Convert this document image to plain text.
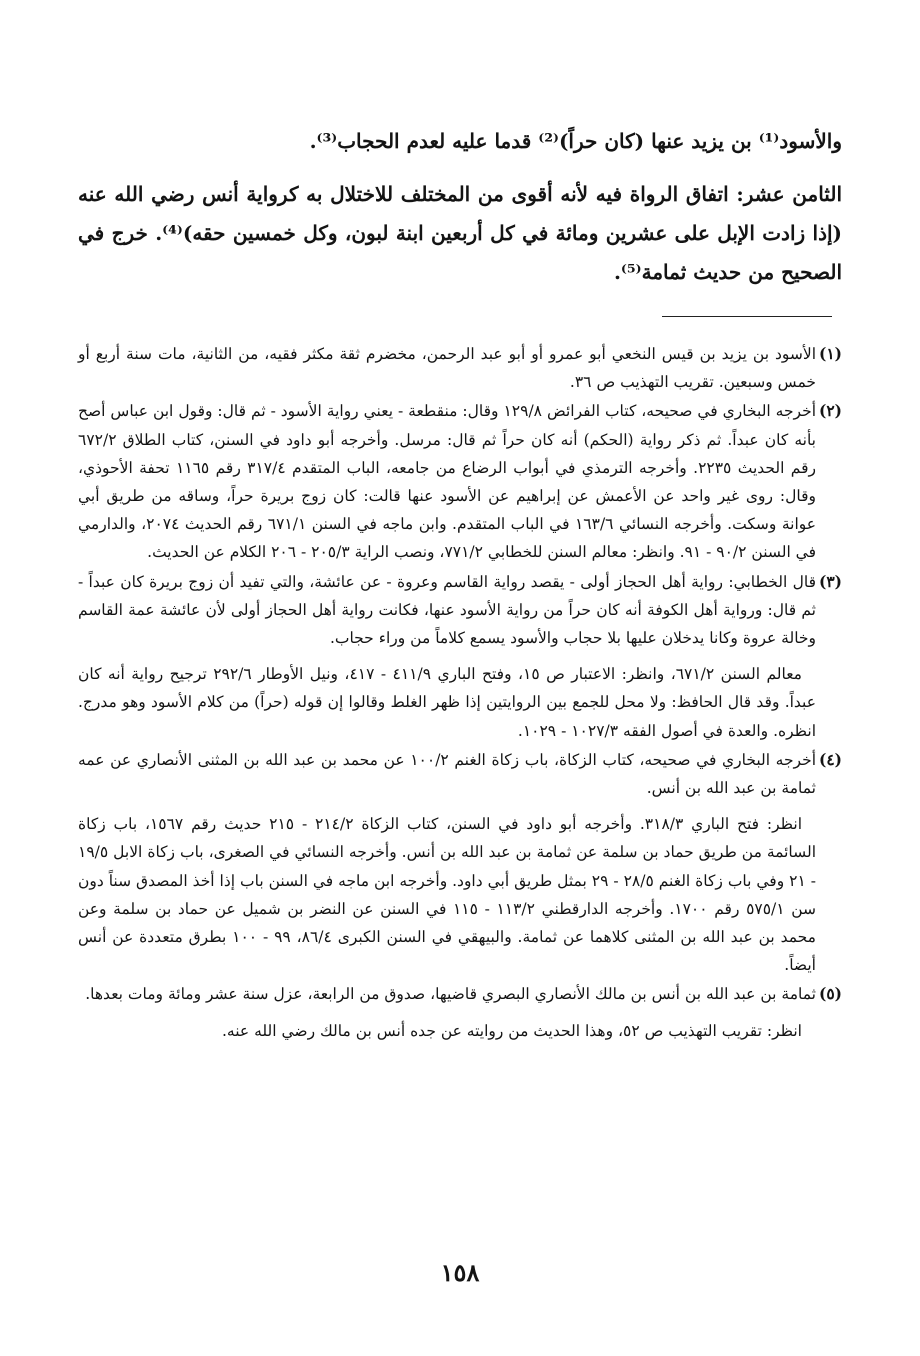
والأسود⁽¹⁾ بن يزيد عنها (كان حراً)⁽²⁾ قدما عليه لعدم الحجاب⁽³⁾.

الثامن عشر: اتفاق الرواة فيه لأنه أقوى من المختلف للاختلال به كرواية أنس رضي الله عنه (إذا زادت الإبل على عشرين ومائة في كل أربعين ابنة لبون، وكل خمسين حقه)⁽⁴⁾. خرج في الصحيح من حديث ثمامة⁽⁵⁾.

(١)

الأسود بن يزيد بن قيس النخعي أبو عمرو أو أبو عبد الرحمن، مخضرم ثقة مكثر فقيه، من الثانية، مات سنة أربع أو خمس وسبعين. تقريب التهذيب ص ٣٦.

(٢)

أخرجه البخاري في صحيحه، كتاب الفرائض ١٢٩/٨ وقال: منقطعة - يعني رواية الأسود - ثم قال: وقول ابن عباس أصح بأنه كان عبداً. ثم ذكر رواية (الحكم) أنه كان حراً ثم قال: مرسل. وأخرجه أبو داود في السنن، كتاب الطلاق ٦٧٢/٢ رقم الحديث ٢٢٣٥. وأخرجه الترمذي في أبواب الرضاع من جامعه، الباب المتقدم ٣١٧/٤ رقم ١١٦٥ تحفة الأحوذي، وقال: روى غير واحد عن الأعمش عن إبراهيم عن الأسود عنها قالت: كان زوج بريرة حراً، وساقه من طريق أبي عوانة وسكت. وأخرجه النسائي ١٦٣/٦ في الباب المتقدم. وابن ماجه في السنن ٦٧١/١ رقم الحديث ٢٠٧٤، والدارمي في السنن ٩٠/٢ - ٩١. وانظر: معالم السنن للخطابي ٧٧١/٢، ونصب الراية ٢٠٥/٣ - ٢٠٦ الكلام عن الحديث.

(٣)

قال الخطابي: رواية أهل الحجاز أولى - يقصد رواية القاسم وعروة - عن عائشة، والتي تفيد أن زوج بريرة كان عبداً - ثم قال: ورواية أهل الكوفة أنه كان حراً من رواية الأسود عنها، فكانت رواية أهل الحجاز أولى لأن عائشة عمة القاسم وخالة عروة وكانا يدخلان عليها بلا حجاب والأسود يسمع كلاماً من وراء حجاب.

معالم السنن ٦٧١/٢، وانظر: الاعتبار ص ١٥، وفتح الباري ٤١١/٩ - ٤١٧، ونيل الأوطار ٢٩٢/٦ ترجيح رواية أنه كان عبداً. وقد قال الحافظ: ولا محل للجمع بين الروايتين إذا ظهر الغلط وقالوا إن قوله (حراً) من كلام الأسود وهو مدرج. انظره. والعدة في أصول الفقه ١٠٢٧/٣ - ١٠٢٩.

(٤)

أخرجه البخاري في صحيحه، كتاب الزكاة، باب زكاة الغنم ١٠٠/٢ عن محمد بن عبد الله بن المثنى الأنصاري عن عمه ثمامة بن عبد الله بن أنس.

انظر: فتح الباري ٣١٨/٣. وأخرجه أبو داود في السنن، كتاب الزكاة ٢١٤/٢ - ٢١٥ حديث رقم ١٥٦٧، باب زكاة السائمة من طريق حماد بن سلمة عن ثمامة بن عبد الله بن أنس. وأخرجه النسائي في الصغرى، باب زكاة الابل ١٩/٥ - ٢١ وفي باب زكاة الغنم ٢٨/٥ - ٢٩ بمثل طريق أبي داود. وأخرجه ابن ماجه في السنن باب إذا أخذ المصدق سناً دون سن ٥٧٥/١ رقم ١٧٠٠. وأخرجه الدارقطني ١١٣/٢ - ١١٥ في السنن عن النضر بن شميل عن حماد بن سلمة وعن محمد بن عبد الله بن المثنى كلاهما عن ثمامة. والبيهقي في السنن الكبرى ٨٦/٤، ٩٩ - ١٠٠ بطرق متعددة عن أنس أيضاً.

(٥)

ثمامة بن عبد الله بن أنس بن مالك الأنصاري البصري قاضيها، صدوق من الرابعة، عزل سنة عشر ومائة ومات بعدها.

انظر: تقريب التهذيب ص ٥٢، وهذا الحديث من روايته عن جده أنس بن مالك رضي الله عنه.

١٥٨
